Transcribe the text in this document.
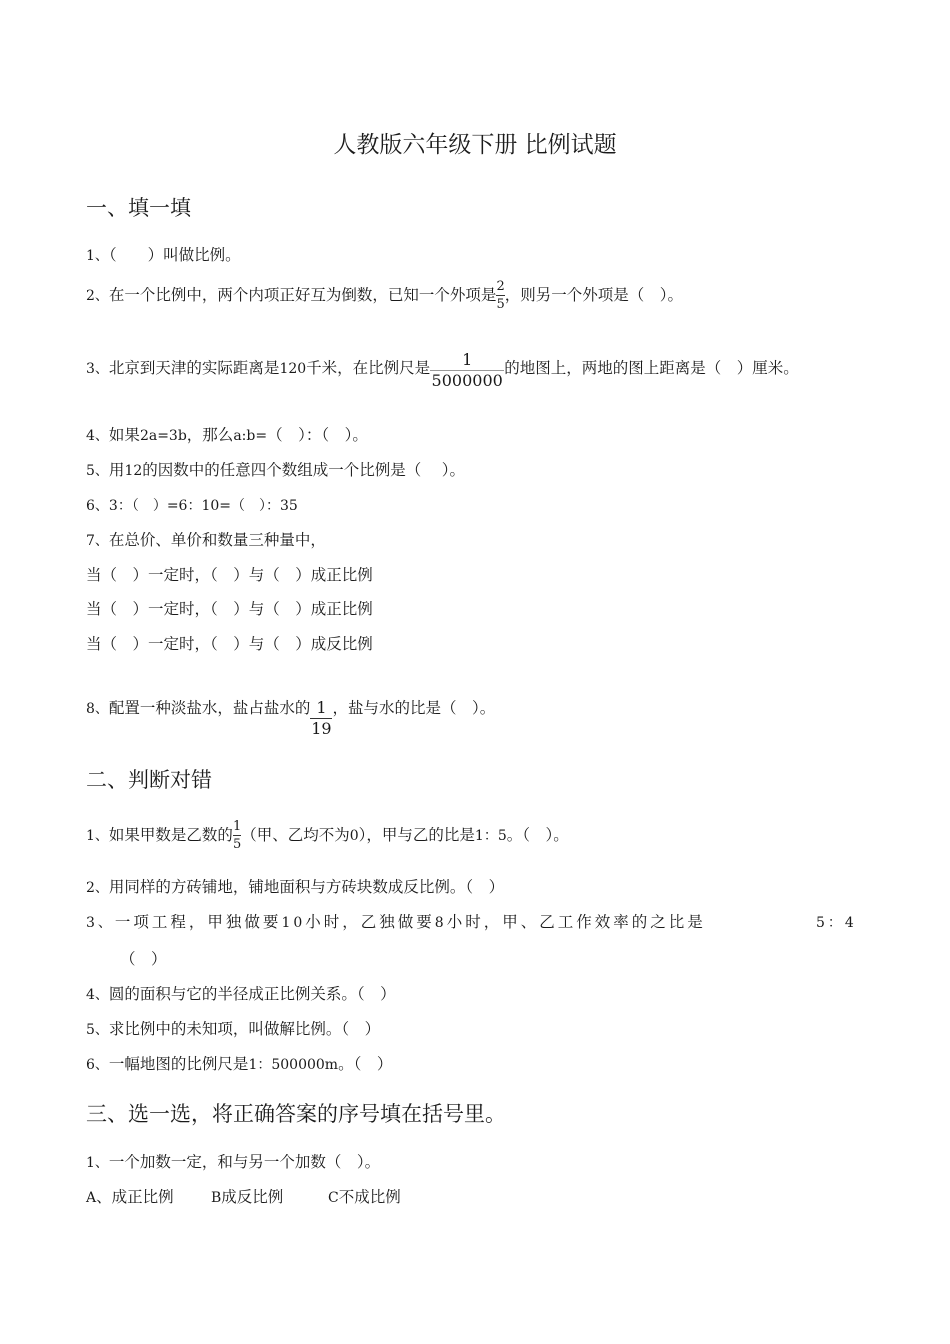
人教版六年级下册 比例试题
一、填一填
1、（　　）叫做比例。
2、在一个比例中，两个内项正好互为倒数，已知一个外项是 $\frac{2}{5}$ ，则另一个外项是（　）。
3、北京到天津的实际距离是120千米，在比例尺是 $\frac{1}{5000000}$ 的地图上，两地的图上距离是（　）厘米。
4、如果2a=3b，那么a:b=（　）：（　）。
5、用12的因数中的任意四个数组成一个比例是（　 ）。
6、3：（　）=6：10=（　）：35
7、在总价、单价和数量三种量中，
当（　）一定时，（　）与（　）成正比例
当（　）一定时，（　）与（　）成正比例
当（　）一定时，（　）与（　）成反比例
8、配置一种淡盐水，盐占盐水的 $\frac{1}{19}$ ，盐与水的比是（　）。
二、判断对错
1、如果甲数是乙数的 $\frac{1}{5}$ （甲、乙均不为0），甲与乙的比是1：5。（　）。
2、用同样的方砖铺地，铺地面积与方砖块数成反比例。（　）
3、一项工程，甲独做要10小时，乙独做要8小时，甲、乙工作效率的之比是	5：4
（　）
4、圆的面积与它的半径成正比例关系。（　）
5、求比例中的未知项，叫做解比例。（　）
6、一幅地图的比例尺是1：500000m。（　）
三、选一选，将正确答案的序号填在括号里。
1、一个加数一定，和与另一个加数（　）。
A、成正比例	B成反比例	C不成比例
